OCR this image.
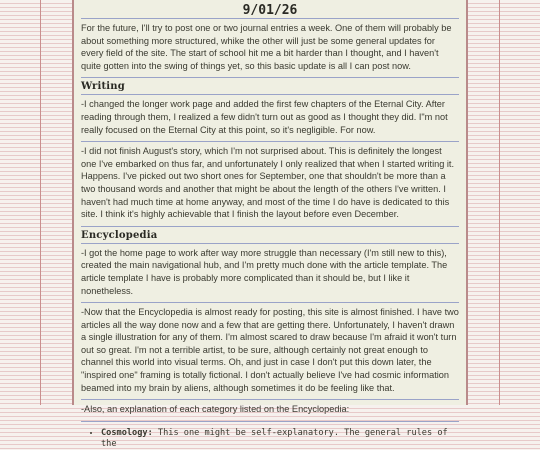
9/01/26

For the future, I'll try to post one or two journal entries a week. One of them will probably be about something more structured, whike the other will just be some general updates for every field of the site. The start of school hit me a bit harder than I thought, and I haven't quite gotten into the swing of things yet, so this basic update is all I can post now.

Writing

-I changed the longer work page and added the first few chapters of the Eternal City. After reading through them, I realized a few didn't turn out as good as I thought they did. I"m not really focused on the Eternal City at this point, so it's negligible. For now.

-I did not finish August's story, which I'm not surprised about. This is definitely the longest one I've embarked on thus far, and unfortunately I only realized that when I started writing it. Happens. I've picked out two short ones for September, one that shouldn't be more than a two thousand words and another that might be about the length of the others I've written. I haven't had much time at home anyway, and most of the time I do have is dedicated to this site. I think it's highly achievable that I finish the layout before even December.

Encyclopedia

-I got the home page to work after way more struggle than necessary (I'm still new to this), created the main navigational hub, and I'm pretty much done with the article template. The article template I have is probably more complicated than it should be, but I like it nonetheless.

-Now that the Encyclopedia is almost ready for posting, this site is almost finished. I have two articles all the way done now and a few that are getting there. Unfortunately, I haven't drawn a single illustration for any of them. I'm almost scared to draw because I'm afraid it won't turn out so great. I'm not a terrible artist, to be sure, although certainly not great enough to channel this world into visual terms. Oh, and just in case I don't put this down later, the "inspired one" framing is totally fictional. I don't actually believe I've had cosmic information beamed into my brain by aliens, although sometimes it do be feeling like that.

-Also, an explanation of each category listed on the Encyclopedia:

• Cosmology: This one might be self-explanatory. The general rules of the
